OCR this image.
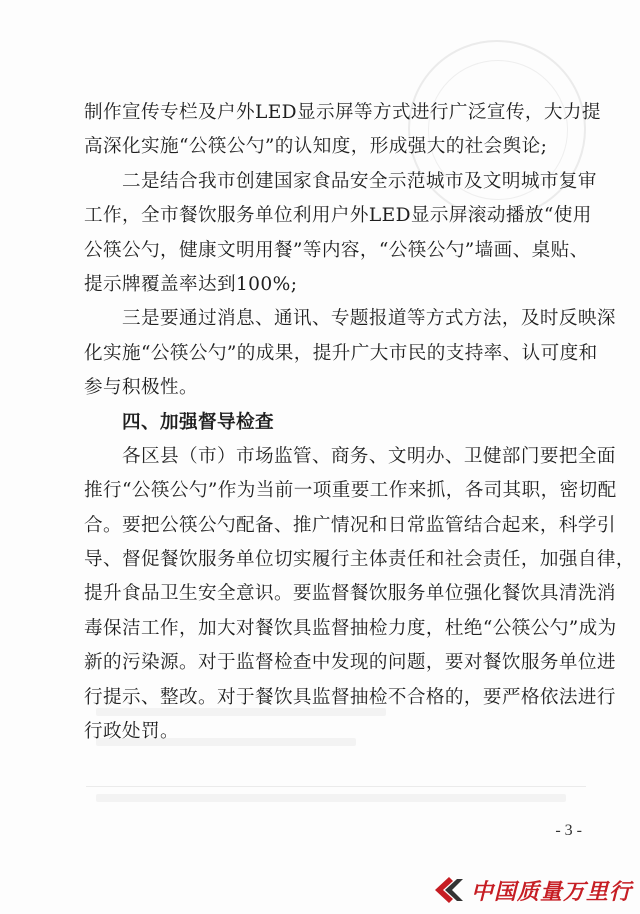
制作宣传专栏及户外LED显示屏等方式进行广泛宣传，大力提
高深化实施“公筷公勺”的认知度，形成强大的社会舆论;
二是结合我市创建国家食品安全示范城市及文明城市复审
工作，全市餐饮服务单位利用户外LED显示屏滚动播放“使用
公筷公勺，健康文明用餐”等内容，“公筷公勺”墙画、桌贴、
提示牌覆盖率达到100%;
三是要通过消息、通讯、专题报道等方式方法，及时反映深
化实施“公筷公勺”的成果，提升广大市民的支持率、认可度和
参与积极性。
四、加强督导检查
各区县（市）市场监管、商务、文明办、卫健部门要把全面
推行“公筷公勺”作为当前一项重要工作来抓，各司其职，密切配
合。要把公筷公勺配备、推广情况和日常监管结合起来，科学引
导、督促餐饮服务单位切实履行主体责任和社会责任，加强自律，
提升食品卫生安全意识。要监督餐饮服务单位强化餐饮具清洗消
毒保洁工作，加大对餐饮具监督抽检力度，杜绝“公筷公勺”成为
新的污染源。对于监督检查中发现的问题，要对餐饮服务单位进
行提示、整改。对于餐饮具监督抽检不合格的，要严格依法进行
行政处罚。
- 3 -
中国质量万里行
